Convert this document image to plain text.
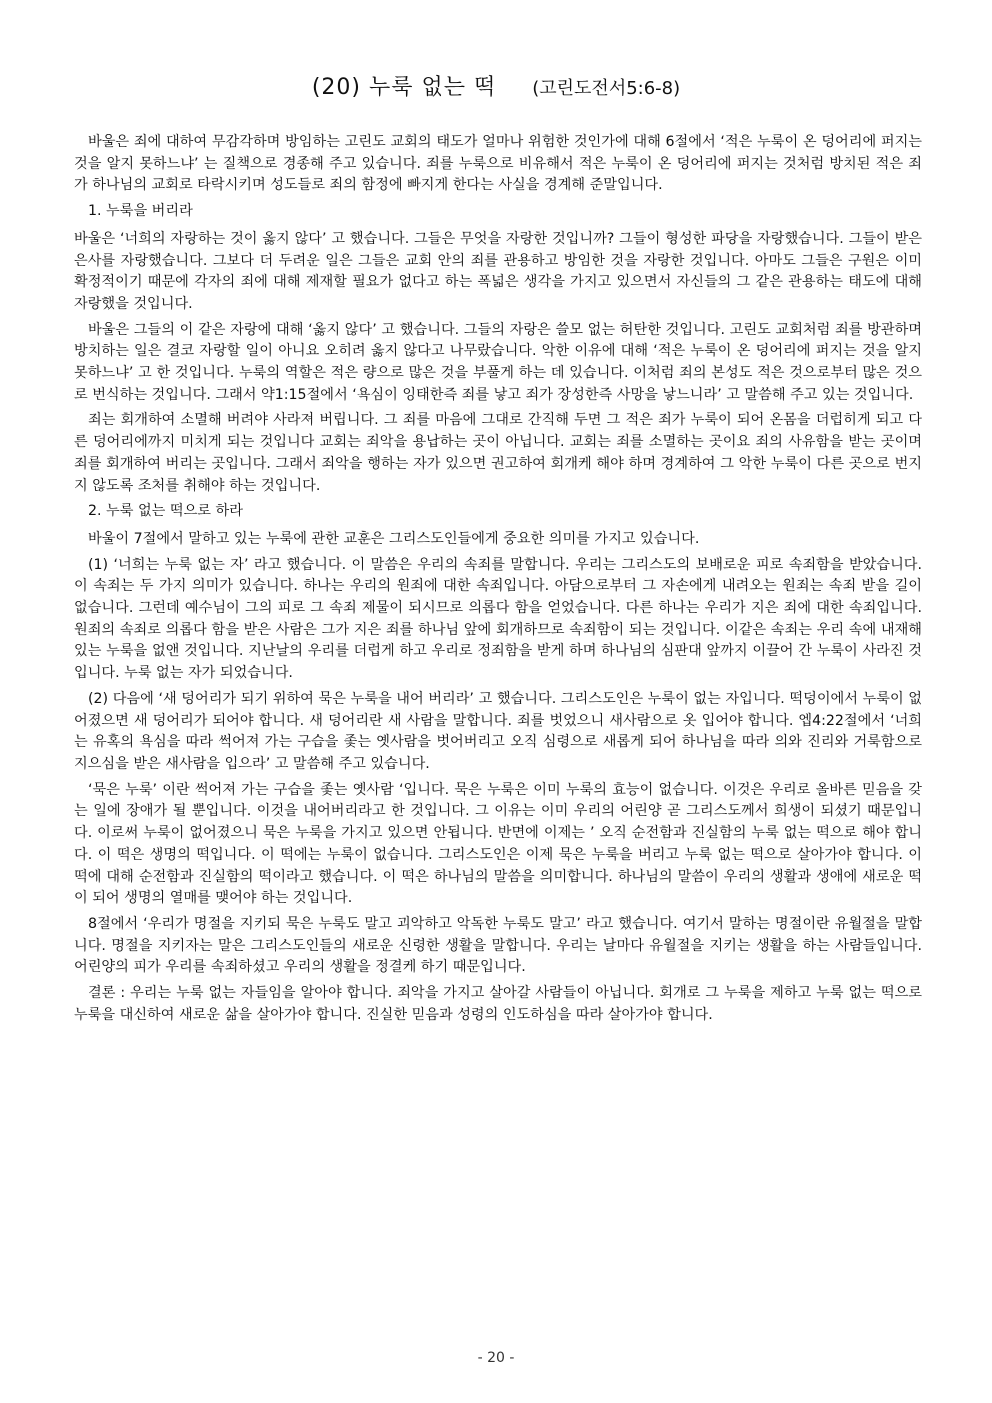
(20) 누룩 없는 떡 (고린도전서5:6-8)

바울은 죄에 대하여 무감각하며 방임하는 고린도 교회의 태도가 얼마나 위험한 것인가에 대해 6절에서 ‘적은 누룩이 온 덩어리에 퍼지는 것을 알지 못하느냐’ 는 질책으로 경종해 주고 있습니다. 죄를 누룩으로 비유해서 적은 누룩이 온 덩어리에 퍼지는 것처럼 방치된 적은 죄가 하나님의 교회로 타락시키며 성도들로 죄의 함정에 빠지게 한다는 사실을 경계해 준말입니다.

1. 누룩을 버리라

바울은 ‘너희의 자랑하는 것이 옳지 않다’ 고 했습니다. 그들은 무엇을 자랑한 것입니까? 그들이 형성한 파당을 자랑했습니다. 그들이 받은 은사를 자랑했습니다. 그보다 더 두려운 일은 그들은 교회 안의 죄를 관용하고 방임한 것을 자랑한 것입니다. 아마도 그들은 구원은 이미 확정적이기 때문에 각자의 죄에 대해 제재할 필요가 없다고 하는 폭넓은 생각을 가지고 있으면서 자신들의 그 같은 관용하는 태도에 대해 자랑했을 것입니다.

바울은 그들의 이 같은 자랑에 대해 ‘옳지 않다’ 고 했습니다. 그들의 자랑은 쓸모 없는 허탄한 것입니다. 고린도 교회처럼 죄를 방관하며 방치하는 일은 결코 자랑할 일이 아니요 오히려 옳지 않다고 나무랐습니다. 악한 이유에 대해 ‘적은 누룩이 온 덩어리에 퍼지는 것을 알지 못하느냐’ 고 한 것입니다. 누룩의 역할은 적은 량으로 많은 것을 부풀게 하는 데 있습니다. 이처럼 죄의 본성도 적은 것으로부터 많은 것으로 번식하는 것입니다. 그래서 약1:15절에서 ‘욕심이 잉태한즉 죄를 낳고 죄가 장성한즉 사망을 낳느니라’ 고 말씀해 주고 있는 것입니다.

죄는 회개하여 소멸해 버려야 사라져 버립니다. 그 죄를 마음에 그대로 간직해 두면 그 적은 죄가 누룩이 되어 온몸을 더럽히게 되고 다른 덩어리에까지 미치게 되는 것입니다 교회는 죄악을 용납하는 곳이 아닙니다. 교회는 죄를 소멸하는 곳이요 죄의 사유함을 받는 곳이며 죄를 회개하여 버리는 곳입니다. 그래서 죄악을 행하는 자가 있으면 권고하여 회개케 해야 하며 경계하여 그 악한 누룩이 다른 곳으로 번지지 않도록 조처를 취해야 하는 것입니다.

2. 누룩 없는 떡으로 하라

바울이 7절에서 말하고 있는 누룩에 관한 교훈은 그리스도인들에게 중요한 의미를 가지고 있습니다.

(1) ‘너희는 누룩 없는 자’ 라고 했습니다. 이 말씀은 우리의 속죄를 말합니다. 우리는 그리스도의 보배로운 피로 속죄함을 받았습니다. 이 속죄는 두 가지 의미가 있습니다. 하나는 우리의 원죄에 대한 속죄입니다. 아담으로부터 그 자손에게 내려오는 원죄는 속죄 받을 길이 없습니다. 그런데 예수님이 그의 피로 그 속죄 제물이 되시므로 의롭다 함을 얻었습니다. 다른 하나는 우리가 지은 죄에 대한 속죄입니다. 원죄의 속죄로 의롭다 함을 받은 사람은 그가 지은 죄를 하나님 앞에 회개하므로 속죄함이 되는 것입니다. 이같은 속죄는 우리 속에 내재해 있는 누룩을 없앤 것입니다. 지난날의 우리를 더럽게 하고 우리로 정죄함을 받게 하며 하나님의 심판대 앞까지 이끌어 간 누룩이 사라진 것입니다. 누룩 없는 자가 되었습니다.

(2) 다음에 ‘새 덩어리가 되기 위하여 묵은 누룩을 내어 버리라’ 고 했습니다. 그리스도인은 누룩이 없는 자입니다. 떡덩이에서 누룩이 없어졌으면 새 덩어리가 되어야 합니다. 새 덩어리란 새 사람을 말합니다. 죄를 벗었으니 새사람으로 옷 입어야 합니다. 엡4:22절에서 ‘너희는 유혹의 욕심을 따라 썩어져 가는 구습을 좇는 옛사람을 벗어버리고 오직 심령으로 새롭게 되어 하나님을 따라 의와 진리와 거룩함으로 지으심을 받은 새사람을 입으라’ 고 말씀해 주고 있습니다.

‘묵은 누룩’ 이란 썩어져 가는 구습을 좇는 옛사람 ‘입니다. 묵은 누룩은 이미 누룩의 효능이 없습니다. 이것은 우리로 올바른 믿음을 갖는 일에 장애가 될 뿐입니다. 이것을 내어버리라고 한 것입니다. 그 이유는 이미 우리의 어린양 곧 그리스도께서 희생이 되셨기 때문입니다. 이로써 누룩이 없어졌으니 묵은 누룩을 가지고 있으면 안됩니다. 반면에 이제는 ’ 오직 순전함과 진실함의 누룩 없는 떡으로 해야 합니다. 이 떡은 생명의 떡입니다. 이 떡에는 누룩이 없습니다. 그리스도인은 이제 묵은 누룩을 버리고 누룩 없는 떡으로 살아가야 합니다. 이 떡에 대해 순전함과 진실함의 떡이라고 했습니다. 이 떡은 하나님의 말씀을 의미합니다. 하나님의 말씀이 우리의 생활과 생애에 새로운 떡이 되어 생명의 열매를 맺어야 하는 것입니다.

8절에서 ‘우리가 명절을 지키되 묵은 누룩도 말고 괴악하고 악독한 누룩도 말고’ 라고 했습니다. 여기서 말하는 명절이란 유월절을 말합니다. 명절을 지키자는 말은 그리스도인들의 새로운 신령한 생활을 말합니다. 우리는 날마다 유월절을 지키는 생활을 하는 사람들입니다. 어린양의 피가 우리를 속죄하셨고 우리의 생활을 정결케 하기 때문입니다.

결론 : 우리는 누룩 없는 자들임을 알아야 합니다. 죄악을 가지고 살아갈 사람들이 아닙니다. 회개로 그 누룩을 제하고 누룩 없는 떡으로 누룩을 대신하여 새로운 삶을 살아가야 합니다. 진실한 믿음과 성령의 인도하심을 따라 살아가야 합니다.

- 20 -
